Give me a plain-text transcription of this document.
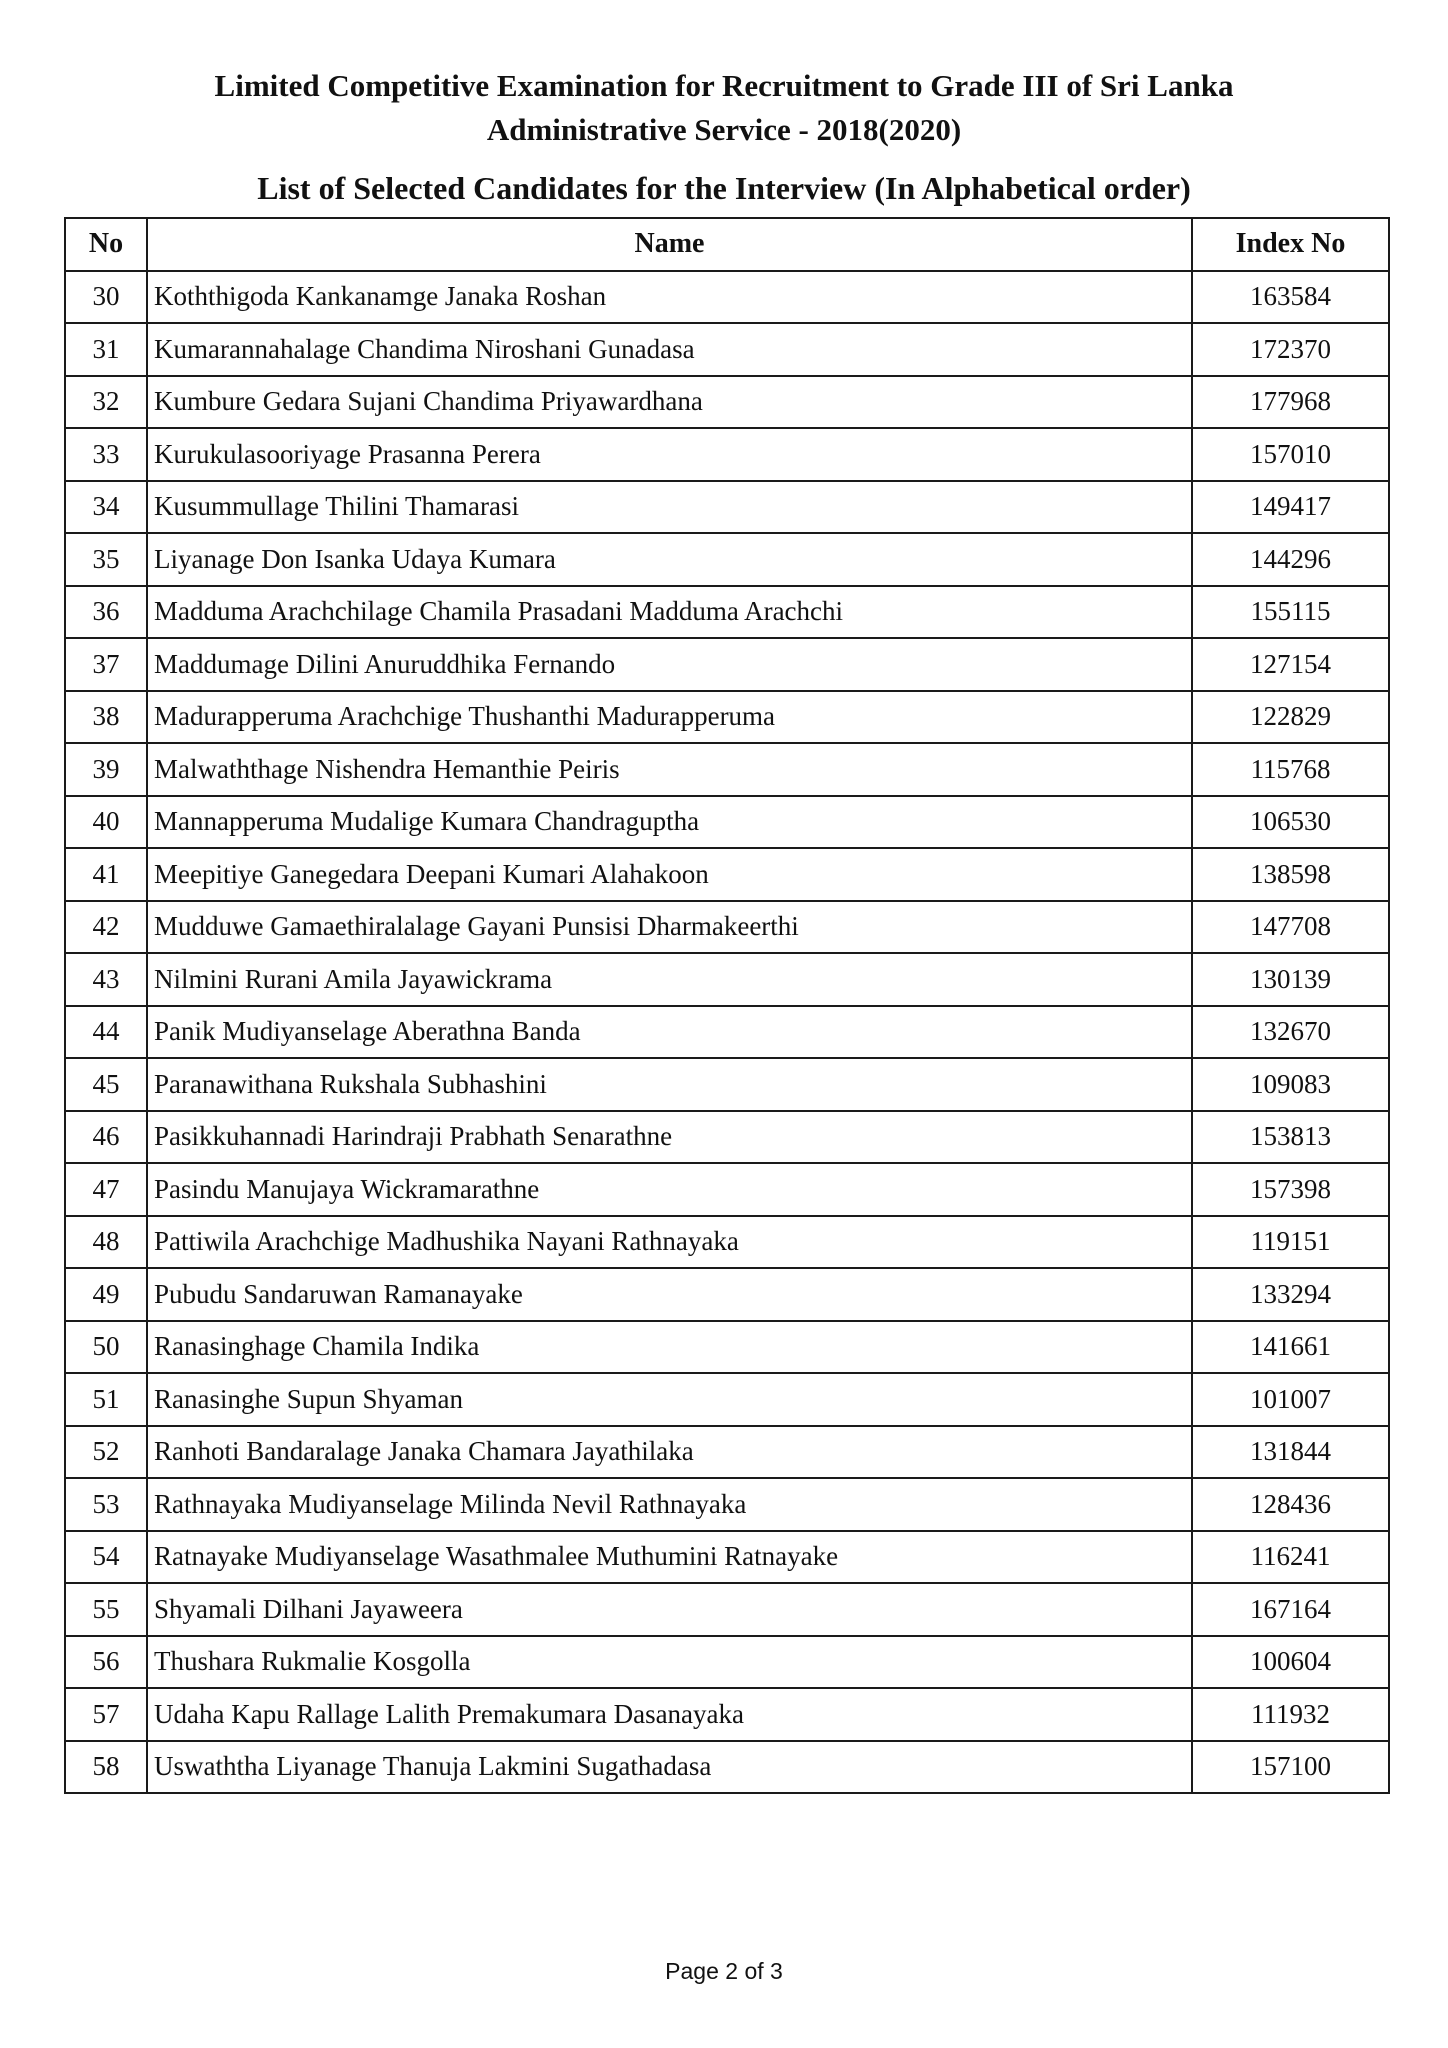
Limited Competitive Examination for Recruitment to Grade III of Sri Lanka
Administrative Service - 2018(2020)
List of Selected Candidates for the Interview (In Alphabetical order)
No	Name	Index No
30	Koththigoda Kankanamge Janaka Roshan	163584
31	Kumarannahalage Chandima Niroshani Gunadasa	172370
32	Kumbure Gedara Sujani Chandima Priyawardhana	177968
33	Kurukulasooriyage Prasanna Perera	157010
34	Kusummullage Thilini Thamarasi	149417
35	Liyanage Don Isanka Udaya Kumara	144296
36	Madduma Arachchilage Chamila Prasadani Madduma Arachchi	155115
37	Maddumage Dilini Anuruddhika Fernando	127154
38	Madurapperuma Arachchige Thushanthi Madurapperuma	122829
39	Malwaththage Nishendra Hemanthie Peiris	115768
40	Mannapperuma Mudalige Kumara Chandraguptha	106530
41	Meepitiye Ganegedara Deepani Kumari Alahakoon	138598
42	Mudduwe Gamaethiralalage Gayani Punsisi Dharmakeerthi	147708
43	Nilmini Rurani Amila Jayawickrama	130139
44	Panik Mudiyanselage Aberathna Banda	132670
45	Paranawithana Rukshala Subhashini	109083
46	Pasikkuhannadi Harindraji Prabhath Senarathne	153813
47	Pasindu Manujaya Wickramarathne	157398
48	Pattiwila Arachchige Madhushika Nayani Rathnayaka	119151
49	Pubudu Sandaruwan Ramanayake	133294
50	Ranasinghage Chamila Indika	141661
51	Ranasinghe Supun Shyaman	101007
52	Ranhoti Bandaralage Janaka Chamara Jayathilaka	131844
53	Rathnayaka Mudiyanselage Milinda Nevil Rathnayaka	128436
54	Ratnayake Mudiyanselage Wasathmalee Muthumini Ratnayake	116241
55	Shyamali Dilhani Jayaweera	167164
56	Thushara Rukmalie Kosgolla	100604
57	Udaha Kapu Rallage Lalith Premakumara Dasanayaka	111932
58	Uswaththa Liyanage Thanuja Lakmini Sugathadasa	157100
Page 2 of 3
